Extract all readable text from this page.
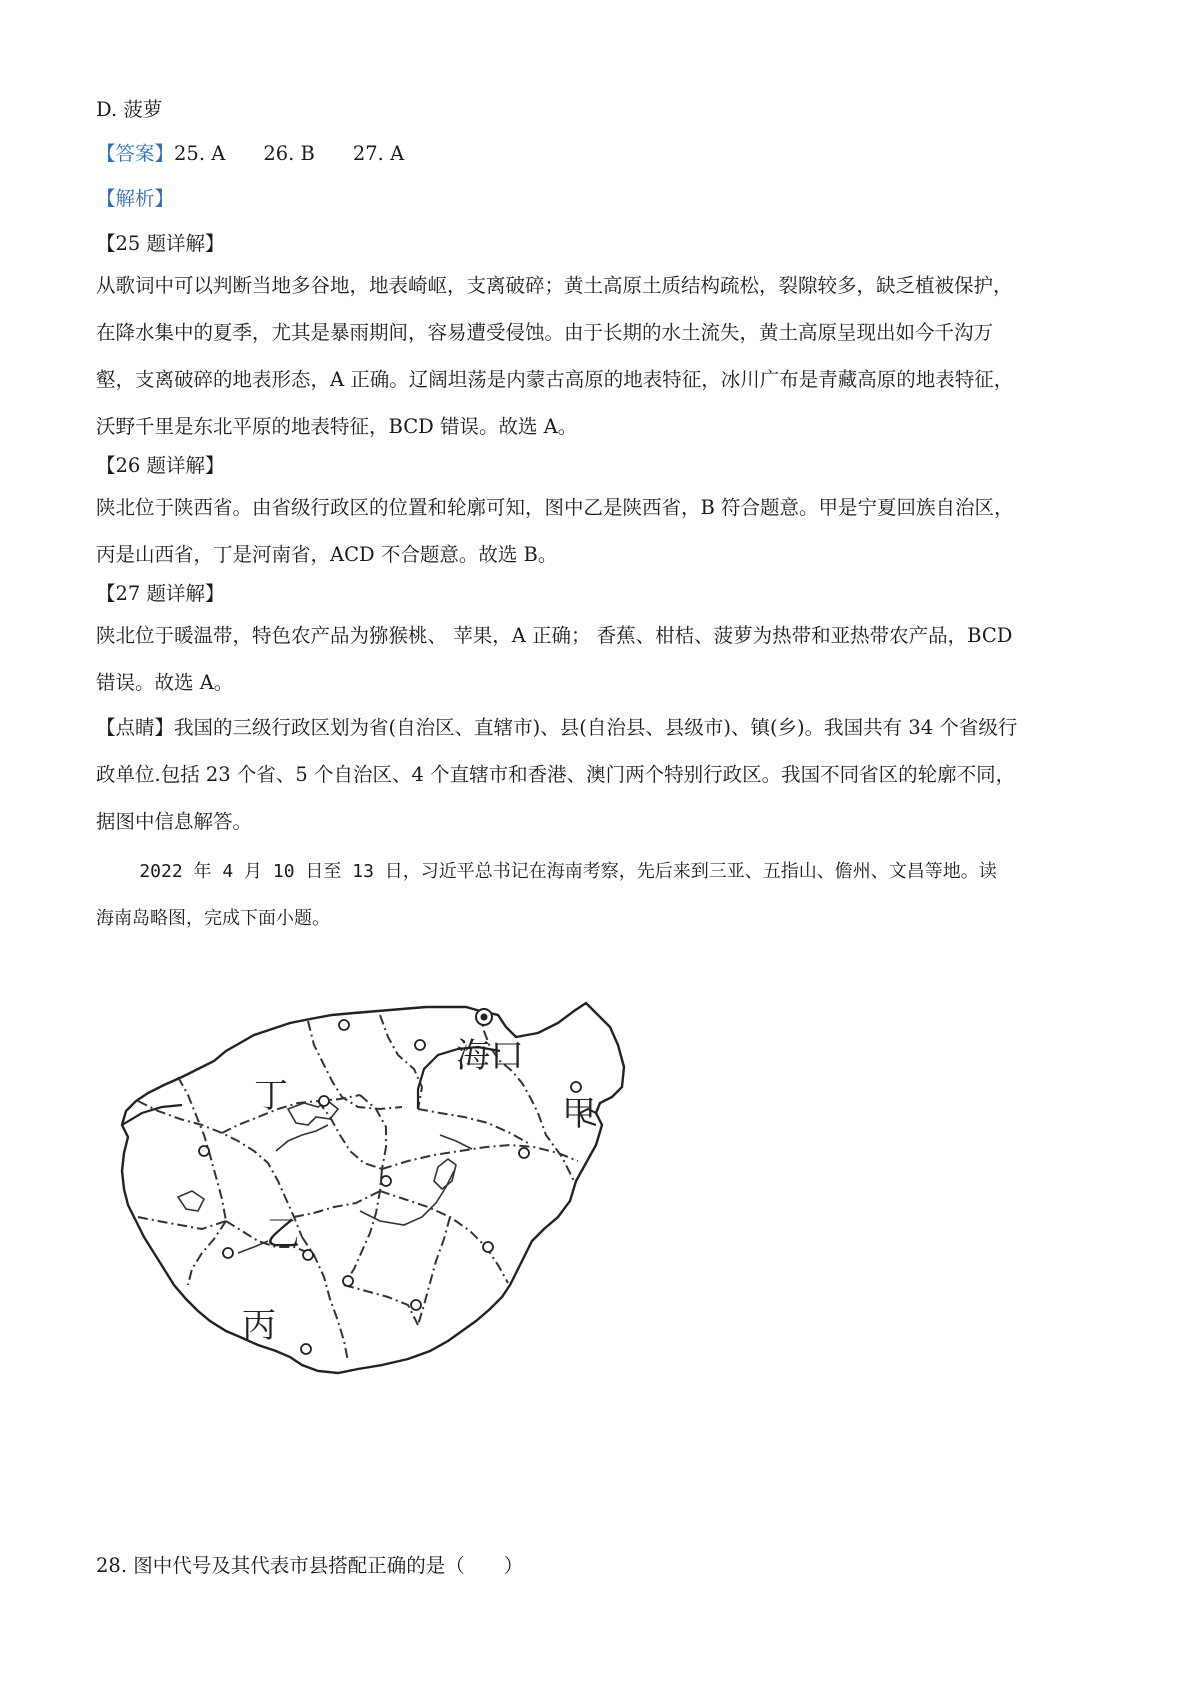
D. 菠萝
【答案】25. A 26. B 27. A
【解析】
【25 题详解】
从歌词中可以判断当地多谷地，地表崎岖，支离破碎；黄土高原土质结构疏松，裂隙较多，缺乏植被保护，
在降水集中的夏季，尤其是暴雨期间，容易遭受侵蚀。由于长期的水土流失，黄土高原呈现出如今千沟万
壑，支离破碎的地表形态，A 正确。辽阔坦荡是内蒙古高原的地表特征，冰川广布是青藏高原的地表特征，
沃野千里是东北平原的地表特征，BCD 错误。故选 A。
【26 题详解】
陕北位于陕西省。由省级行政区的位置和轮廓可知，图中乙是陕西省，B 符合题意。甲是宁夏回族自治区，
丙是山西省，丁是河南省，ACD 不合题意。故选 B。
【27 题详解】
陕北位于暖温带，特色农产品为猕猴桃、 苹果，A 正确； 香蕉、柑桔、菠萝为热带和亚热带农产品，BCD
错误。故选 A。
【点睛】我国的三级行政区划为省(自治区、直辖市)、县(自治县、县级市)、镇(乡)。我国共有 34 个省级行
政单位.包括 23 个省、5 个自治区、4 个直辖市和香港、澳门两个特别行政区。我国不同省区的轮廓不同，
据图中信息解答。
2022 年 4 月 10 日至 13 日，习近平总书记在海南考察，先后来到三亚、五指山、儋州、文昌等地。读
海南岛略图，完成下面小题。
海口
甲
丁
乙
丙
28. 图中代号及其代表市县搭配正确的是（　　）
